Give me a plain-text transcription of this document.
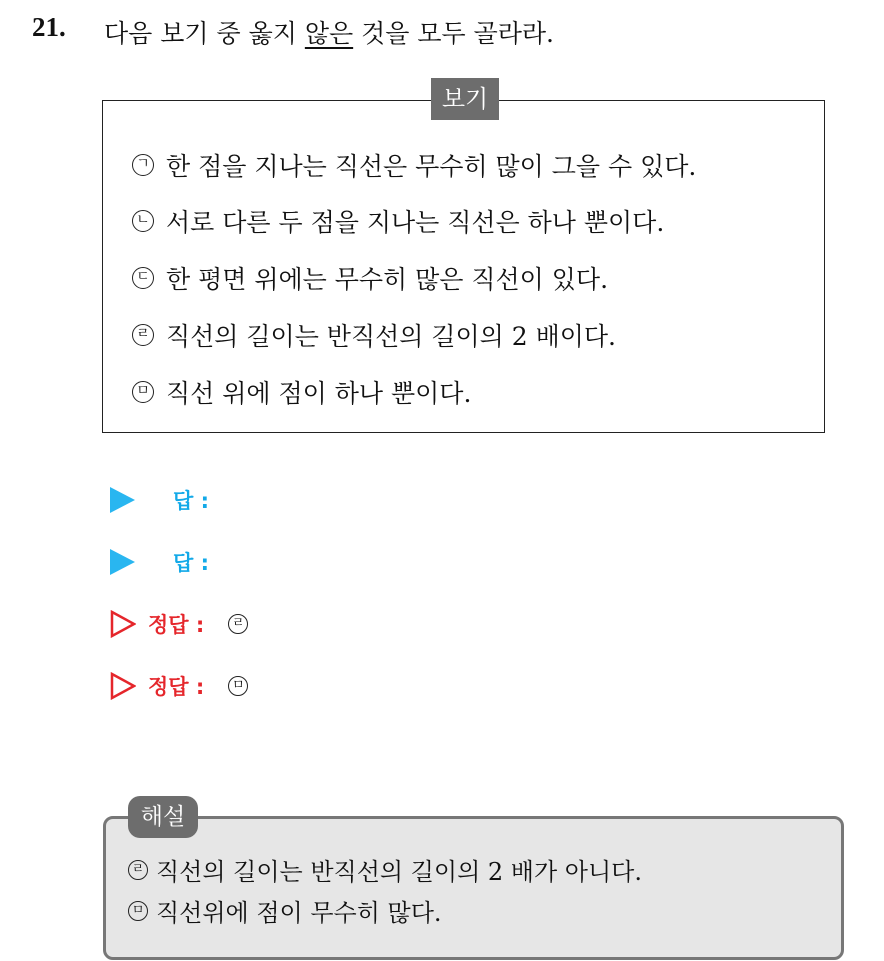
21. 다음 보기 중 옳지 않은 것을 모두 골라라.
보기
ㄱ 한 점을 지나는 직선은 무수히 많이 그을 수 있다.
ㄴ 서로 다른 두 점을 지나는 직선은 하나 뿐이다.
ㄷ 한 평면 위에는 무수히 많은 직선이 있다.
ㄹ 직선의 길이는 반직선의 길이의 2 배이다.
ㅁ 직선 위에 점이 하나 뿐이다.
답 :
답 :
정답 : ㄹ
정답 : ㅁ
해설
ㄹ 직선의 길이는 반직선의 길이의 2 배가 아니다.
ㅁ 직선위에 점이 무수히 많다.
